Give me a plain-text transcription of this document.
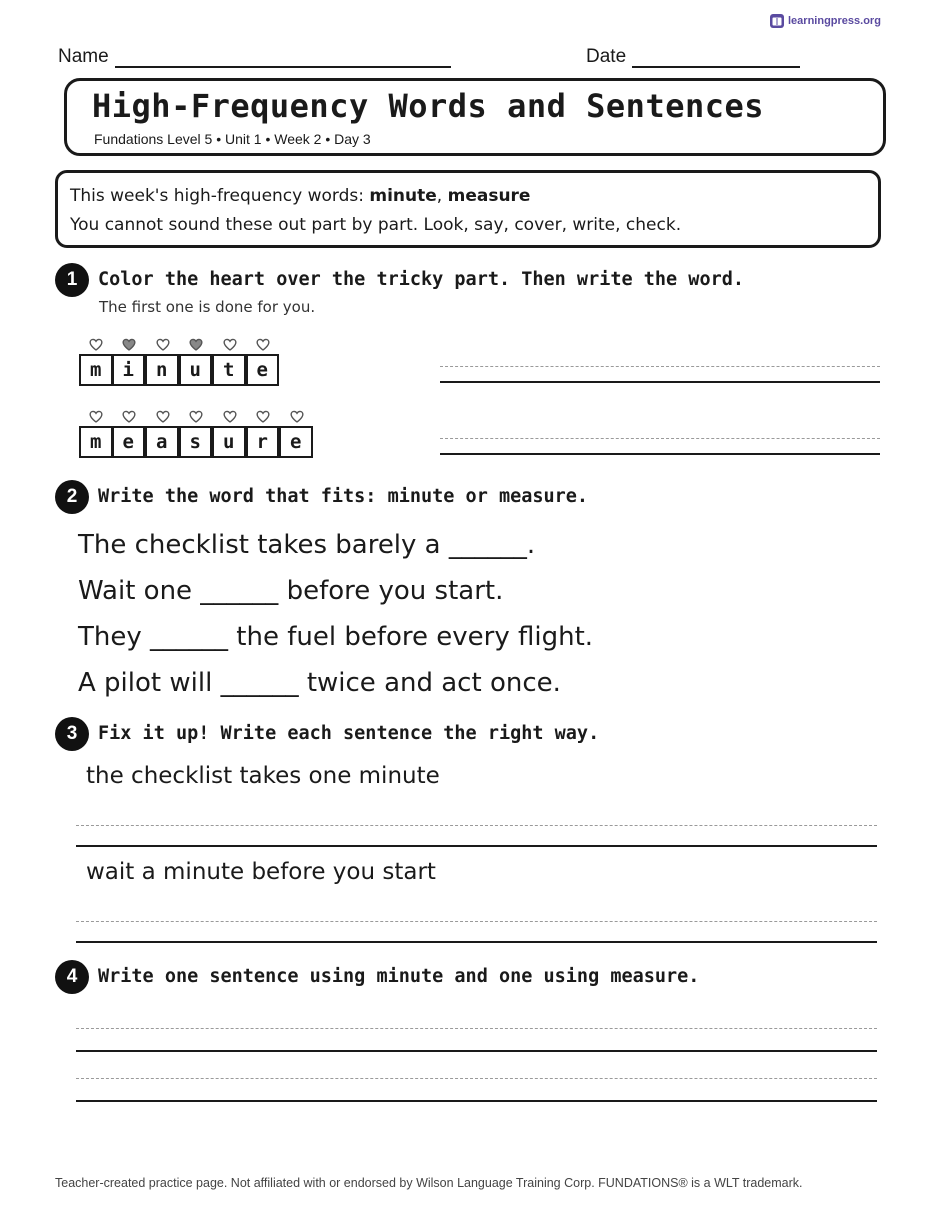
learningpress.org
Name	Date
High-Frequency Words and Sentences
Fundations Level 5 • Unit 1 • Week 2 • Day 3
This week's high-frequency words: minute, measure
You cannot sound these out part by part. Look, say, cover, write, check.
1	Color the heart over the tricky part. Then write the word.
The first one is done for you.
m	i	n	u	t	e
m	e	a	s	u	r	e
2	Write the word that fits: minute or measure.
The checklist takes barely a ______.
Wait one ______ before you start.
They ______ the fuel before every flight.
A pilot will ______ twice and act once.
3	Fix it up! Write each sentence the right way.
the checklist takes one minute
wait a minute before you start
4	Write one sentence using minute and one using measure.
Teacher-created practice page. Not affiliated with or endorsed by Wilson Language Training Corp. FUNDATIONS® is a WLT trademark.
